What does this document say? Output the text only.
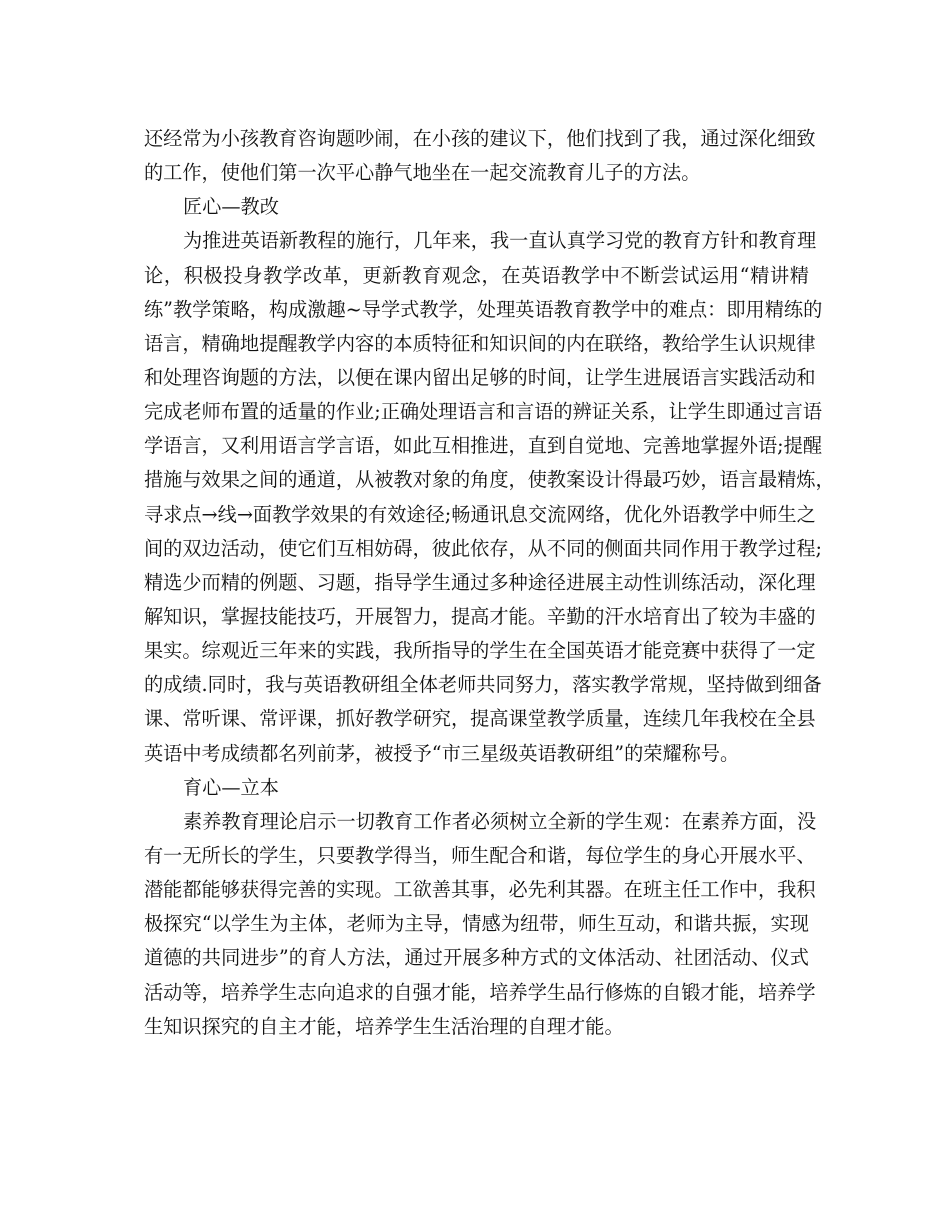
还经常为小孩教育咨询题吵闹，在小孩的建议下，他们找到了我，通过深化细致
的工作，使他们第一次平心静气地坐在一起交流教育儿子的方法。
匠心—教改
为推进英语新教程的施行，几年来，我一直认真学习党的教育方针和教育理
论，积极投身教学改革，更新教育观念，在英语教学中不断尝试运用“精讲精
练”教学策略，构成激趣~导学式教学，处理英语教育教学中的难点：即用精练的
语言，精确地提醒教学内容的本质特征和知识间的内在联络，教给学生认识规律
和处理咨询题的方法，以便在课内留出足够的时间，让学生进展语言实践活动和
完成老师布置的适量的作业;正确处理语言和言语的辨证关系，让学生即通过言语
学语言，又利用语言学言语，如此互相推进，直到自觉地、完善地掌握外语;提醒
措施与效果之间的通道，从被教对象的角度，使教案设计得最巧妙，语言最精炼，
寻求点→线→面教学效果的有效途径;畅通讯息交流网络，优化外语教学中师生之
间的双边活动，使它们互相妨碍，彼此依存，从不同的侧面共同作用于教学过程;
精选少而精的例题、习题，指导学生通过多种途径进展主动性训练活动，深化理
解知识，掌握技能技巧，开展智力，提高才能。辛勤的汗水培育出了较为丰盛的
果实。综观近三年来的实践，我所指导的学生在全国英语才能竞赛中获得了一定
的成绩.同时，我与英语教研组全体老师共同努力，落实教学常规，坚持做到细备
课、常听课、常评课，抓好教学研究，提高课堂教学质量，连续几年我校在全县
英语中考成绩都名列前茅，被授予“市三星级英语教研组”的荣耀称号。
育心—立本
素养教育理论启示一切教育工作者必须树立全新的学生观：在素养方面，没
有一无所长的学生，只要教学得当，师生配合和谐，每位学生的身心开展水平、
潜能都能够获得完善的实现。工欲善其事，必先利其器。在班主任工作中，我积
极探究“以学生为主体，老师为主导，情感为纽带，师生互动，和谐共振，实现
道德的共同进步”的育人方法，通过开展多种方式的文体活动、社团活动、仪式
活动等，培养学生志向追求的自强才能，培养学生品行修炼的自锻才能，培养学
生知识探究的自主才能，培养学生生活治理的自理才能。
